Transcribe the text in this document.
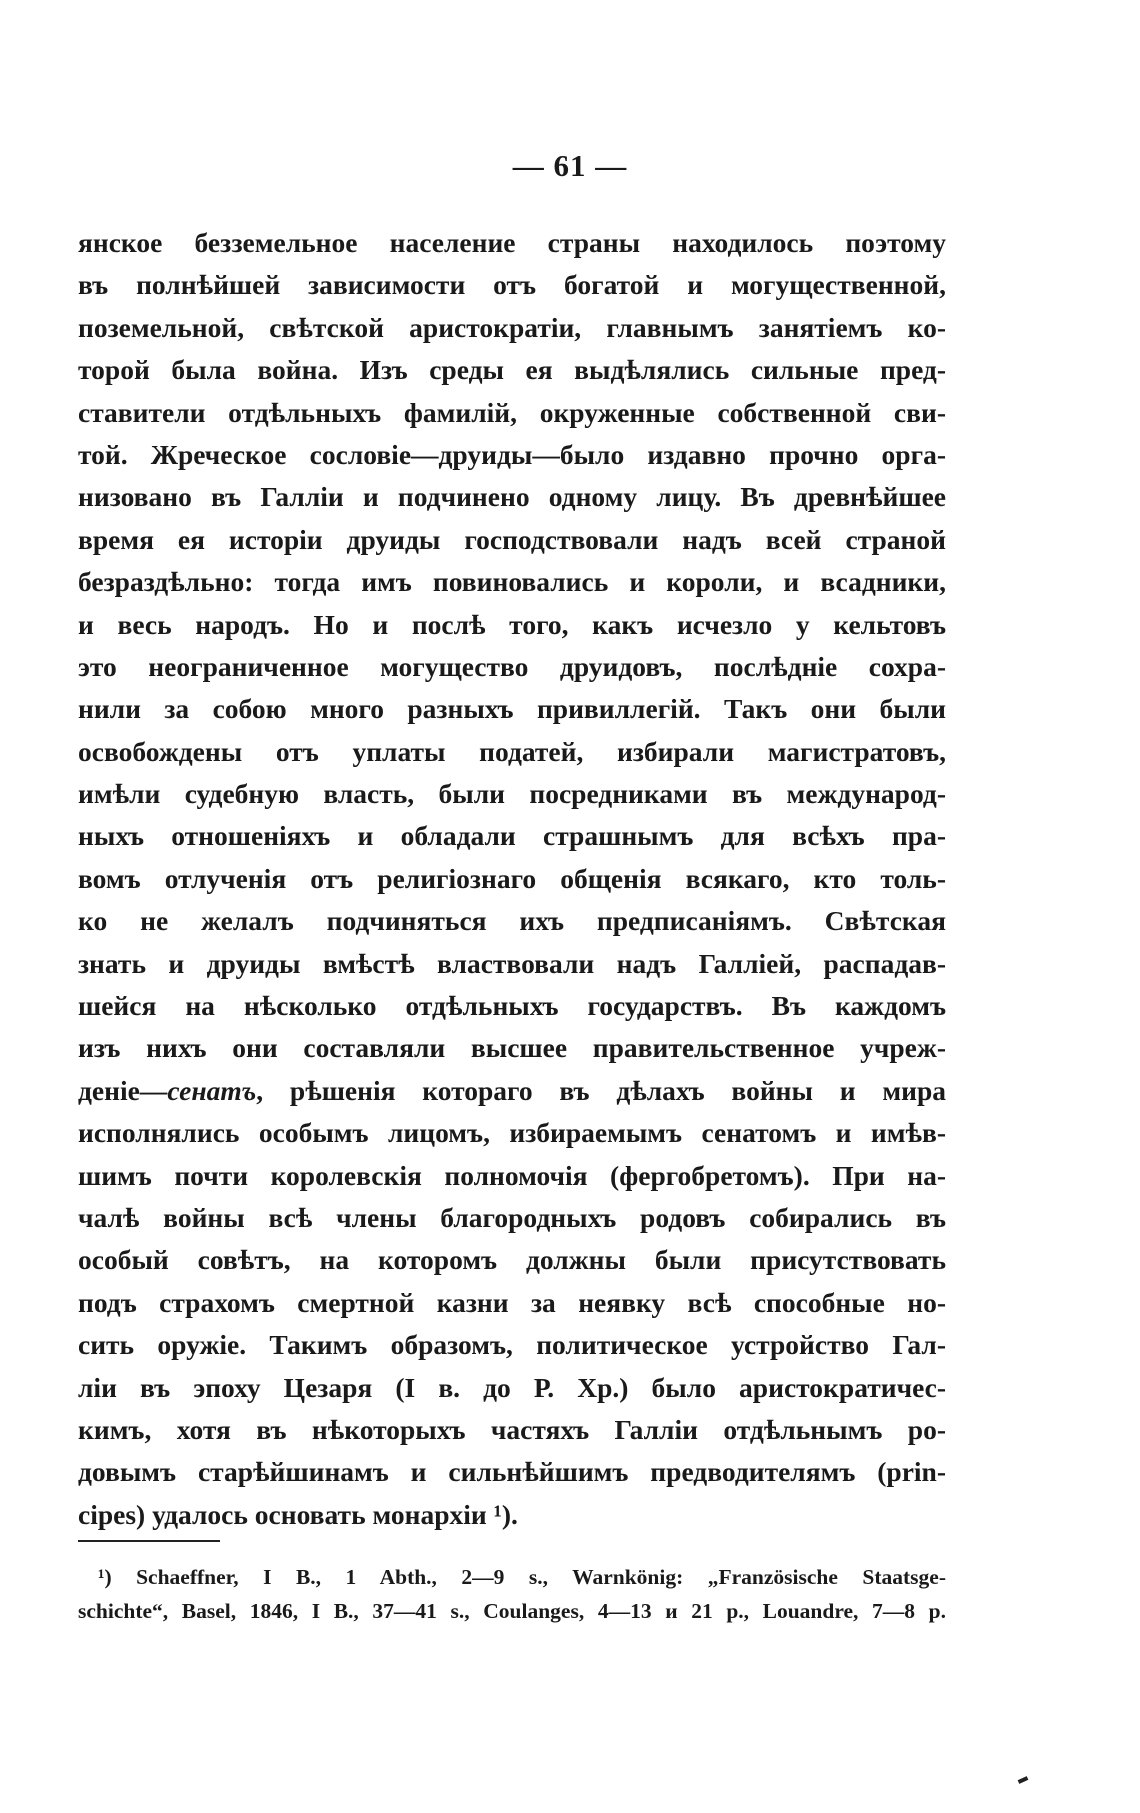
— 61 —
янское безземельное население страны находилось поэтому
въ полнѣйшей зависимости отъ богатой и могущественной,
поземельной, свѣтской аристократіи, главнымъ занятіемъ ко-
торой была война. Изъ среды ея выдѣлялись сильные пред-
ставители отдѣльныхъ фамилій, окруженные собственной сви-
той. Жреческое сословіе—друиды—было издавно прочно орга-
низовано въ Галліи и подчинено одному лицу. Въ древнѣйшее
время ея исторіи друиды господствовали надъ всей страной
безраздѣльно: тогда имъ повиновались и короли, и всадники,
и весь народъ. Но и послѣ того, какъ исчезло у кельтовъ
это неограниченное могущество друидовъ, послѣдніе сохра-
нили за собою много разныхъ привиллегій. Такъ они были
освобождены отъ уплаты податей, избирали магистратовъ,
имѣли судебную власть, были посредниками въ международ-
ныхъ отношеніяхъ и обладали страшнымъ для всѣхъ пра-
вомъ отлученія отъ религіознаго общенія всякаго, кто толь-
ко не желалъ подчиняться ихъ предписаніямъ. Свѣтская
знать и друиды вмѣстѣ властвовали надъ Галліей, распадав-
шейся на нѣсколько отдѣльныхъ государствъ. Въ каждомъ
изъ нихъ они составляли высшее правительственное учреж-
деніе—сенатъ, рѣшенія котораго въ дѣлахъ войны и мира
исполнялись особымъ лицомъ, избираемымъ сенатомъ и имѣв-
шимъ почти королевскія полномочія (фергобретомъ). При на-
чалѣ войны всѣ члены благородныхъ родовъ собирались въ
особый совѣтъ, на которомъ должны были присутствовать
подъ страхомъ смертной казни за неявку всѣ способные но-
сить оружіе. Такимъ образомъ, политическое устройство Гал-
ліи въ эпоху Цезаря (I в. до Р. Хр.) было аристократичес-
кимъ, хотя въ нѣкоторыхъ частяхъ Галліи отдѣльнымъ ро-
довымъ старѣйшинамъ и сильнѣйшимъ предводителямъ (prin-
cipes) удалось основать монархіи ¹).
¹) Schaeffner, I B., 1 Abth., 2—9 s., Warnkönig: „Französische Staatsge-
schichte“, Basel, 1846, I B., 37—41 s., Coulanges, 4—13 и 21 p., Louandre, 7—8 p.
